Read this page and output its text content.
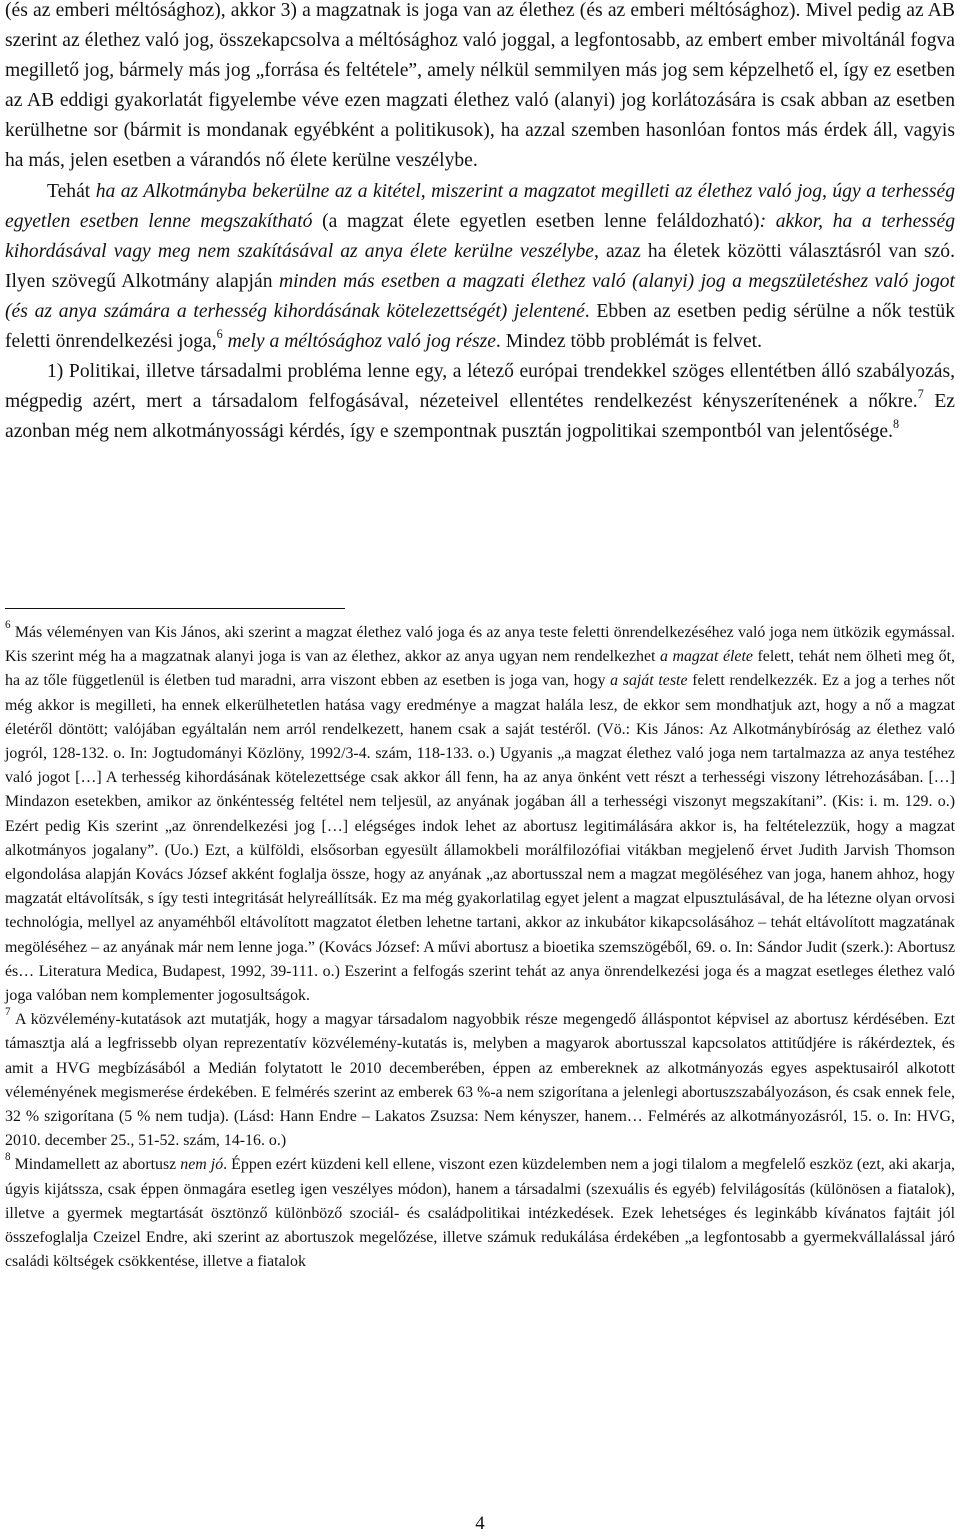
(és az emberi méltósághoz), akkor 3) a magzatnak is joga van az élethez (és az emberi méltósághoz). Mivel pedig az AB szerint az élethez való jog, összekapcsolva a méltósághoz való joggal, a legfontosabb, az embert ember mivoltánál fogva megillető jog, bármely más jog „forrása és feltétele”, amely nélkül semmilyen más jog sem képzelhető el, így ez esetben az AB eddigi gyakorlatát figyelembe véve ezen magzati élethez való (alanyi) jog korlátozására is csak abban az esetben kerülhetne sor (bármit is mondanak egyébként a politikusok), ha azzal szemben hasonlóan fontos más érdek áll, vagyis ha más, jelen esetben a várandós nő élete kerülne veszélybe.

Tehát ha az Alkotmányba bekerülne az a kitétel, miszerint a magzatot megilleti az élethez való jog, úgy a terhesség egyetlen esetben lenne megszakítható (a magzat élete egyetlen esetben lenne feláldozható): akkor, ha a terhesség kihordásával vagy meg nem szakításával az anya élete kerülne veszélybe, azaz ha életek közötti választásról van szó. Ilyen szövegű Alkotmány alapján minden más esetben a magzati élethez való (alanyi) jog a megszületéshez való jogot (és az anya számára a terhesség kihordásának kötelezettségét) jelentené. Ebben az esetben pedig sérülne a nők testük feletti önrendelkezési joga,$^6$ mely a méltósághoz való jog része. Mindez több problémát is felvet.

1) Politikai, illetve társadalmi probléma lenne egy, a létező európai trendekkel szöges ellentétben álló szabályozás, mégpedig azért, mert a társadalom felfogásával, nézeteivel ellentétes rendelkezést kényszerítenének a nőkre.$^7$ Ez azonban még nem alkotmányossági kérdés, így e szempontnak pusztán jogpolitikai szempontból van jelentősége.$^8$

$^6$ Más véleményen van Kis János, aki szerint a magzat élethez való joga és az anya teste feletti önrendelkezéséhez való joga nem ütközik egymással. Kis szerint még ha a magzatnak alanyi joga is van az élethez, akkor az anya ugyan nem rendelkezhet a magzat élete felett, tehát nem ölheti meg őt, ha az tőle függetlenül is életben tud maradni, arra viszont ebben az esetben is joga van, hogy a saját teste felett rendelkezzék. Ez a jog a terhes nőt még akkor is megilleti, ha ennek elkerülhetetlen hatása vagy eredménye a magzat halála lesz, de ekkor sem mondhatjuk azt, hogy a nő a magzat életéről döntött; valójában egyáltalán nem arról rendelkezett, hanem csak a saját testéről. (Vö.: Kis János: Az Alkotmánybíróság az élethez való jogról, 128-132. o. In: Jogtudományi Közlöny, 1992/3-4. szám, 118-133. o.) Ugyanis „a magzat élethez való joga nem tartalmazza az anya testéhez való jogot […] A terhesség kihordásának kötelezettsége csak akkor áll fenn, ha az anya önként vett részt a terhességi viszony létrehozásában. […] Mindazon esetekben, amikor az önkéntesség feltétel nem teljesül, az anyának jogában áll a terhességi viszonyt megszakítani”. (Kis: i. m. 129. o.) Ezért pedig Kis szerint „az önrendelkezési jog […] elégséges indok lehet az abortusz legitimálására akkor is, ha feltételezzük, hogy a magzat alkotmányos jogalany”. (Uo.) Ezt, a külföldi, elsősorban egyesült államokbeli morálfilozófiai vitákban megjelenő érvet Judith Jarvish Thomson elgondolása alapján Kovács József akként foglalja össze, hogy az anyának „az abortusszal nem a magzat megöléséhez van joga, hanem ahhoz, hogy magzatát eltávolítsák, s így testi integritását helyreállítsák. Ez ma még gyakorlatilag egyet jelent a magzat elpusztulásával, de ha létezne olyan orvosi technológia, mellyel az anyaméhből eltávolított magzatot életben lehetne tartani, akkor az inkubátor kikapcsolásához – tehát eltávolított magzatának megöléséhez – az anyának már nem lenne joga.” (Kovács József: A művi abortusz a bioetika szemszögéből, 69. o. In: Sándor Judit (szerk.): Abortusz és… Literatura Medica, Budapest, 1992, 39-111. o.) Eszerint a felfogás szerint tehát az anya önrendelkezési joga és a magzat esetleges élethez való joga valóban nem komplementer jogosultságok.

$^7$ A közvélemény-kutatások azt mutatják, hogy a magyar társadalom nagyobbik része megengedő álláspontot képvisel az abortusz kérdésében. Ezt támasztja alá a legfrissebb olyan reprezentatív közvélemény-kutatás is, melyben a magyarok abortusszal kapcsolatos attitűdjére is rákérdeztek, és amit a HVG megbízásából a Medián folytatott le 2010 decemberében, éppen az embereknek az alkotmányozás egyes aspektusairól alkotott véleményének megismerése érdekében. E felmérés szerint az emberek 63 %-a nem szigorítana a jelenlegi abortuszszabályozáson, és csak ennek fele, 32 % szigorítana (5 % nem tudja). (Lásd: Hann Endre – Lakatos Zsuzsa: Nem kényszer, hanem… Felmérés az alkotmányozásról, 15. o. In: HVG, 2010. december 25., 51-52. szám, 14-16. o.)

$^8$ Mindamellett az abortusz nem jó. Éppen ezért küzdeni kell ellene, viszont ezen küzdelemben nem a jogi tilalom a megfelelő eszköz (ezt, aki akarja, úgyis kijátssza, csak éppen önmagára esetleg igen veszélyes módon), hanem a társadalmi (szexuális és egyéb) felvilágosítás (különösen a fiatalok), illetve a gyermek megtartását ösztönző különböző szociál- és családpolitikai intézkedések. Ezek lehetséges és leginkább kívánatos fajtáit jól összefoglalja Czeizel Endre, aki szerint az abortuszok megelőzése, illetve számuk redukálása érdekében „a legfontosabb a gyermekvállalással járó családi költségek csökkentése, illetve a fiatalok

4
